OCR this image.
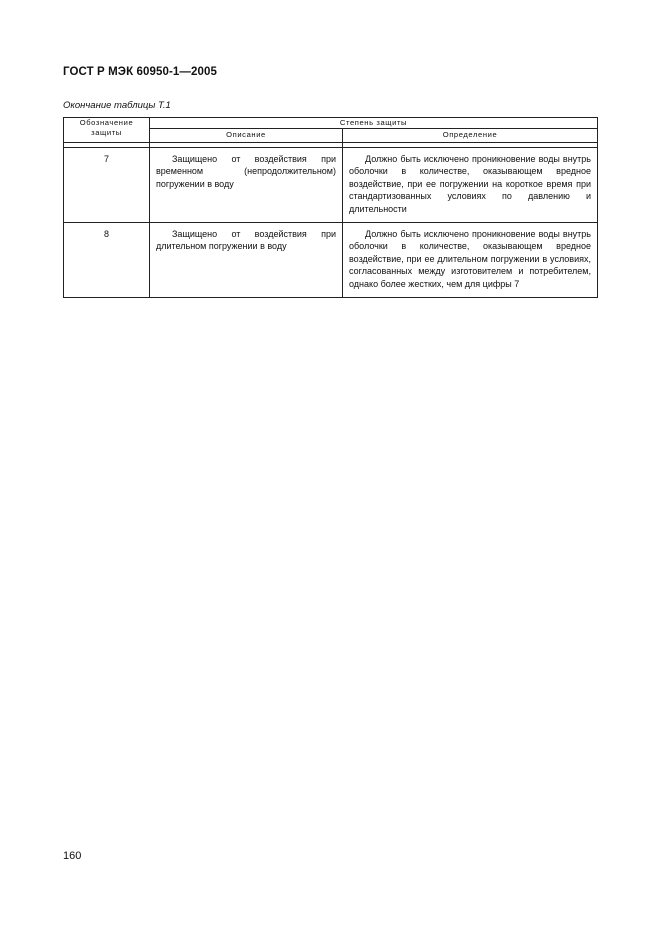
ГОСТ Р МЭК 60950-1—2005
Окончание таблицы Т.1
Обозначение защиты	Степень защиты	
	Описание	Определение

7	Защищено от воздействия при временном (непродолжительном) погружении в воду	Должно быть исключено проникновение воды внутрь оболочки в количестве, оказывающем вредное воздействие, при ее погружении на короткое время при стандартизованных условиях по давлению и длительности
8	Защищено от воздействия при длительном погружении в воду	Должно быть исключено проникновение воды внутрь оболочки в количестве, оказывающем вредное воздействие, при ее длительном погружении в условиях, согласованных между изготовителем и потребителем, однако более жестких, чем для цифры 7
160
